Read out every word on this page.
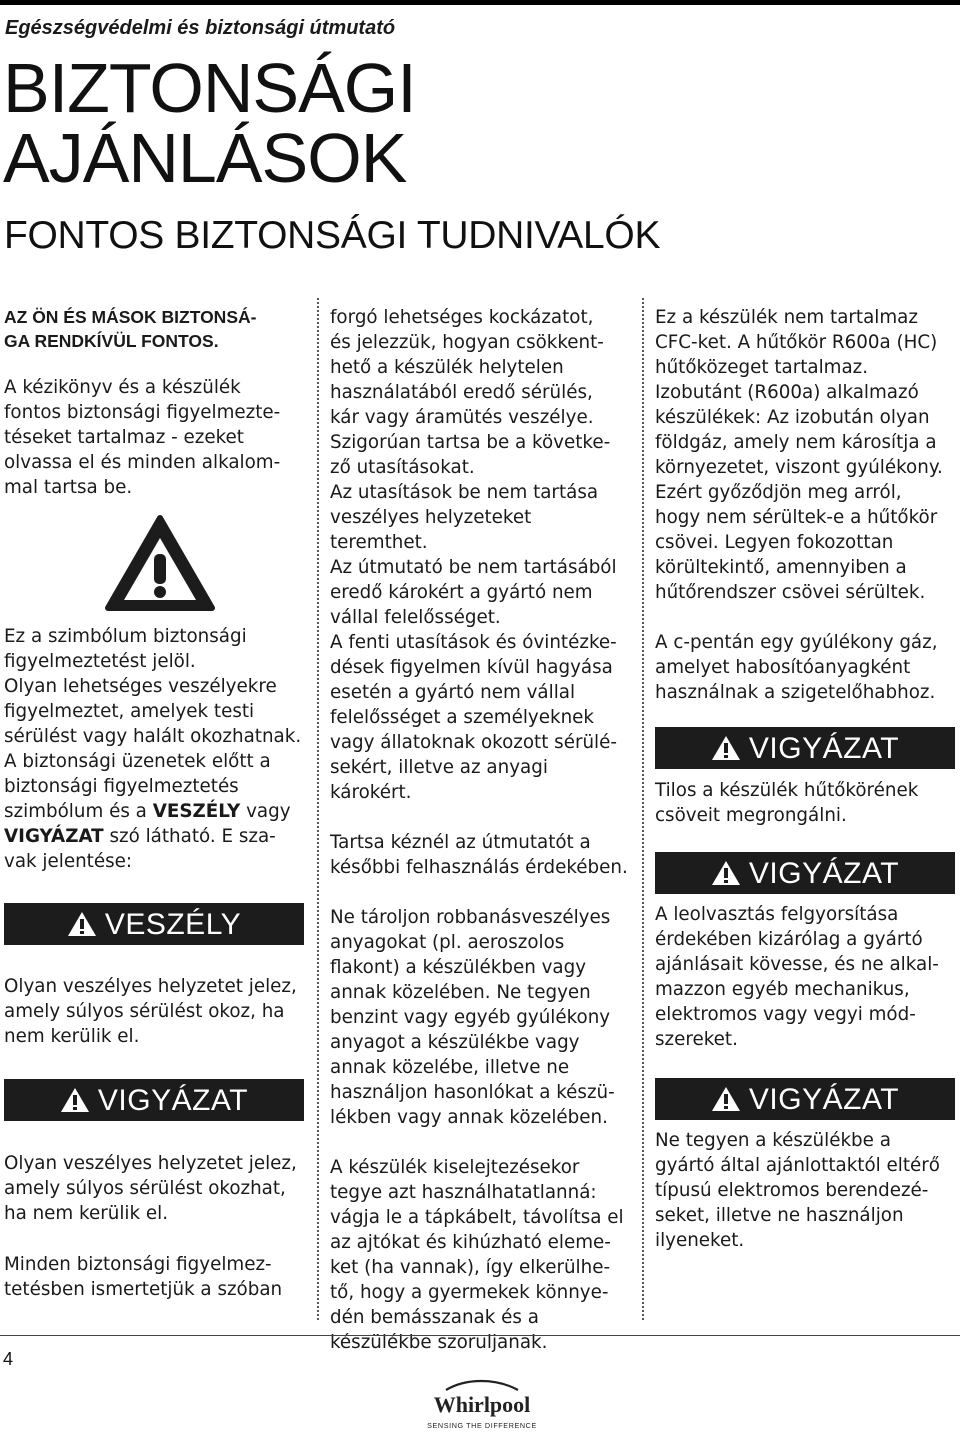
Egészségvédelmi és biztonsági útmutató
BIZTONSÁGI
AJÁNLÁSOK
FONTOS BIZTONSÁGI TUDNIVALÓK

AZ ÖN ÉS MÁSOK BIZTONSÁ-
GA RENDKÍVÜL FONTOS.

A kézikönyv és a készülék
fontos biztonsági figyelmezte-
téseket tartalmaz - ezeket
olvassa el és minden alkalom-
mal tartsa be.

Ez a szimbólum biztonsági
figyelmeztetést jelöl.
Olyan lehetséges veszélyekre
figyelmeztet, amelyek testi
sérülést vagy halált okozhatnak.
A biztonsági üzenetek előtt a
biztonsági figyelmeztetés
szimbólum és a VESZÉLY vagy
VIGYÁZAT szó látható. E sza-
vak jelentése:

VESZÉLY

Olyan veszélyes helyzetet jelez,
amely súlyos sérülést okoz, ha
nem kerülik el.

VIGYÁZAT

Olyan veszélyes helyzetet jelez,
amely súlyos sérülést okozhat,
ha nem kerülik el.

Minden biztonsági figyelmez-
tetésben ismertetjük a szóban

forgó lehetséges kockázatot,
és jelezzük, hogyan csökkent-
hető a készülék helytelen
használatából eredő sérülés,
kár vagy áramütés veszélye.
Szigorúan tartsa be a követke-
ző utasításokat.
Az utasítások be nem tartása
veszélyes helyzeteket teremthet.
Az útmutató be nem tartásából
eredő károkért a gyártó nem
vállal felelősséget.
A fenti utasítások és óvintézke-
dések figyelmen kívül hagyása
esetén a gyártó nem vállal
felelősséget a személyeknek
vagy állatoknak okozott sérülé-
sekért, illetve az anyagi károkért.

Tartsa kéznél az útmutatót a
későbbi felhasználás érdekében.

Ne tároljon robbanásveszélyes
anyagokat (pl. aeroszolos
flakont) a készülékben vagy
annak közelében. Ne tegyen
benzint vagy egyéb gyúlékony
anyagot a készülékbe vagy
annak közelébe, illetve ne
használjon hasonlókat a készü-
lékben vagy annak közelében.

A készülék kiselejtezésekor
tegye azt használhatatlanná:
vágja le a tápkábelt, távolítsa el
az ajtókat és kihúzható eleme-
ket (ha vannak), így elkerülhe-
tő, hogy a gyermekek könnye-
dén bemásszanak és a
készülékbe szoruljanak.

Ez a készülék nem tartalmaz
CFC-ket. A hűtőkör R600a (HC)
hűtőközeget tartalmaz.
Izobutánt (R600a) alkalmazó
készülékek: Az izobután olyan
földgáz, amely nem károsítja a
környezetet, viszont gyúlékony.
Ezért győződjön meg arról,
hogy nem sérültek-e a hűtőkör
csövei. Legyen fokozottan
körültekintő, amennyiben a
hűtőrendszer csövei sérültek.

A c-pentán egy gyúlékony gáz,
amelyet habosítóanyagként
használnak a szigetelőhabhoz.

VIGYÁZAT

Tilos a készülék hűtőkörének
csöveit megrongálni.

VIGYÁZAT

A leolvasztás felgyorsítása
érdekében kizárólag a gyártó
ajánlásait kövesse, és ne alkal-
mazzon egyéb mechanikus,
elektromos vagy vegyi mód-
szereket.

VIGYÁZAT

Ne tegyen a készülékbe a
gyártó által ajánlottaktól eltérő
típusú elektromos berendezé-
seket, illetve ne használjon
ilyeneket.

4
Whirlpool
SENSING THE DIFFERENCE
